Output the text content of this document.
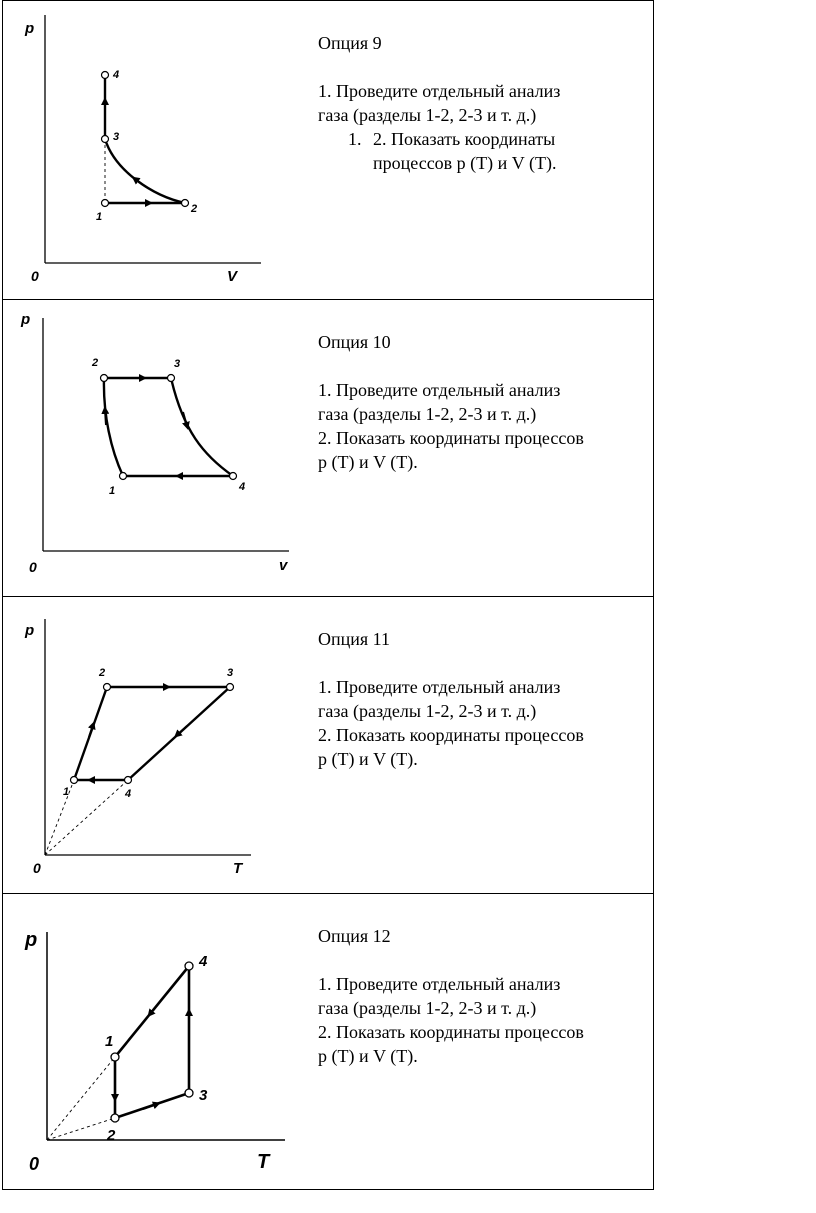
p
V
0
1
2
3
4
Опция 9
1. Проведите отдельный анализ
газа (разделы 1-2, 2-3 и т. д.)
1. 2. Показать координаты
процессов p (T) и V (T).
p
v
0
1
2	3
4
Опция 10
1. Проведите отдельный анализ
газа (разделы 1-2, 2-3 и т. д.)
2. Показать координаты процессов
p (T) и V (T).
p
T
0
1
2	3
4
Опция 11
1. Проведите отдельный анализ
газа (разделы 1-2, 2-3 и т. д.)
2. Показать координаты процессов
p (T) и V (T).
p
T
0
1
2
3
4
Опция 12
1. Проведите отдельный анализ
газа (разделы 1-2, 2-3 и т. д.)
2. Показать координаты процессов
p (T) и V (T).
